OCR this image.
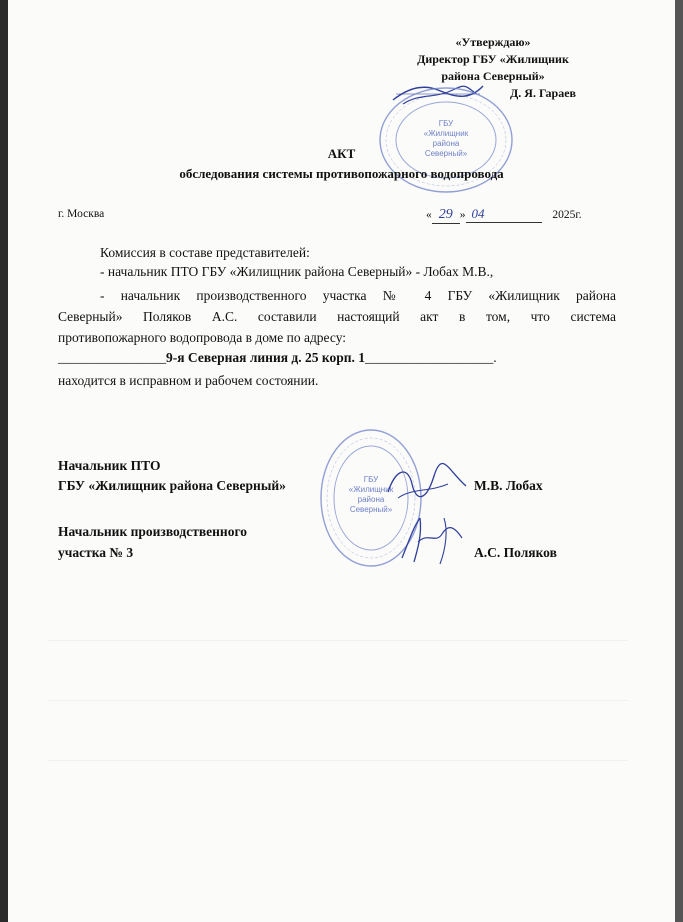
«Утверждаю»
Директор ГБУ «Жилищник
района Северный»
Д. Я. Гараев
ГБУ
«Жилищник
района
Северный»
АКТ
обследования системы противопожарного водопровода
г. Москва	« 29 » 04	2025г.
Комиссия в составе представителей:
- начальник ПТО ГБУ «Жилищник района Северный» - Лобах М.В.,
- начальник производственного участка № 4 ГБУ «Жилищник района
Северный» Поляков А.С. составили настоящий акт в том, что система
противопожарного водопровода в доме по адресу:
________________9-я Северная линия д. 25 корп. 1___________________.
находится в исправном и рабочем состоянии.
ГБУ
«Жилищник
района
Северный»
Начальник ПТО
ГБУ «Жилищник района Северный»	М.В. Лобах
Начальник производственного
участка № 3	А.С. Поляков
